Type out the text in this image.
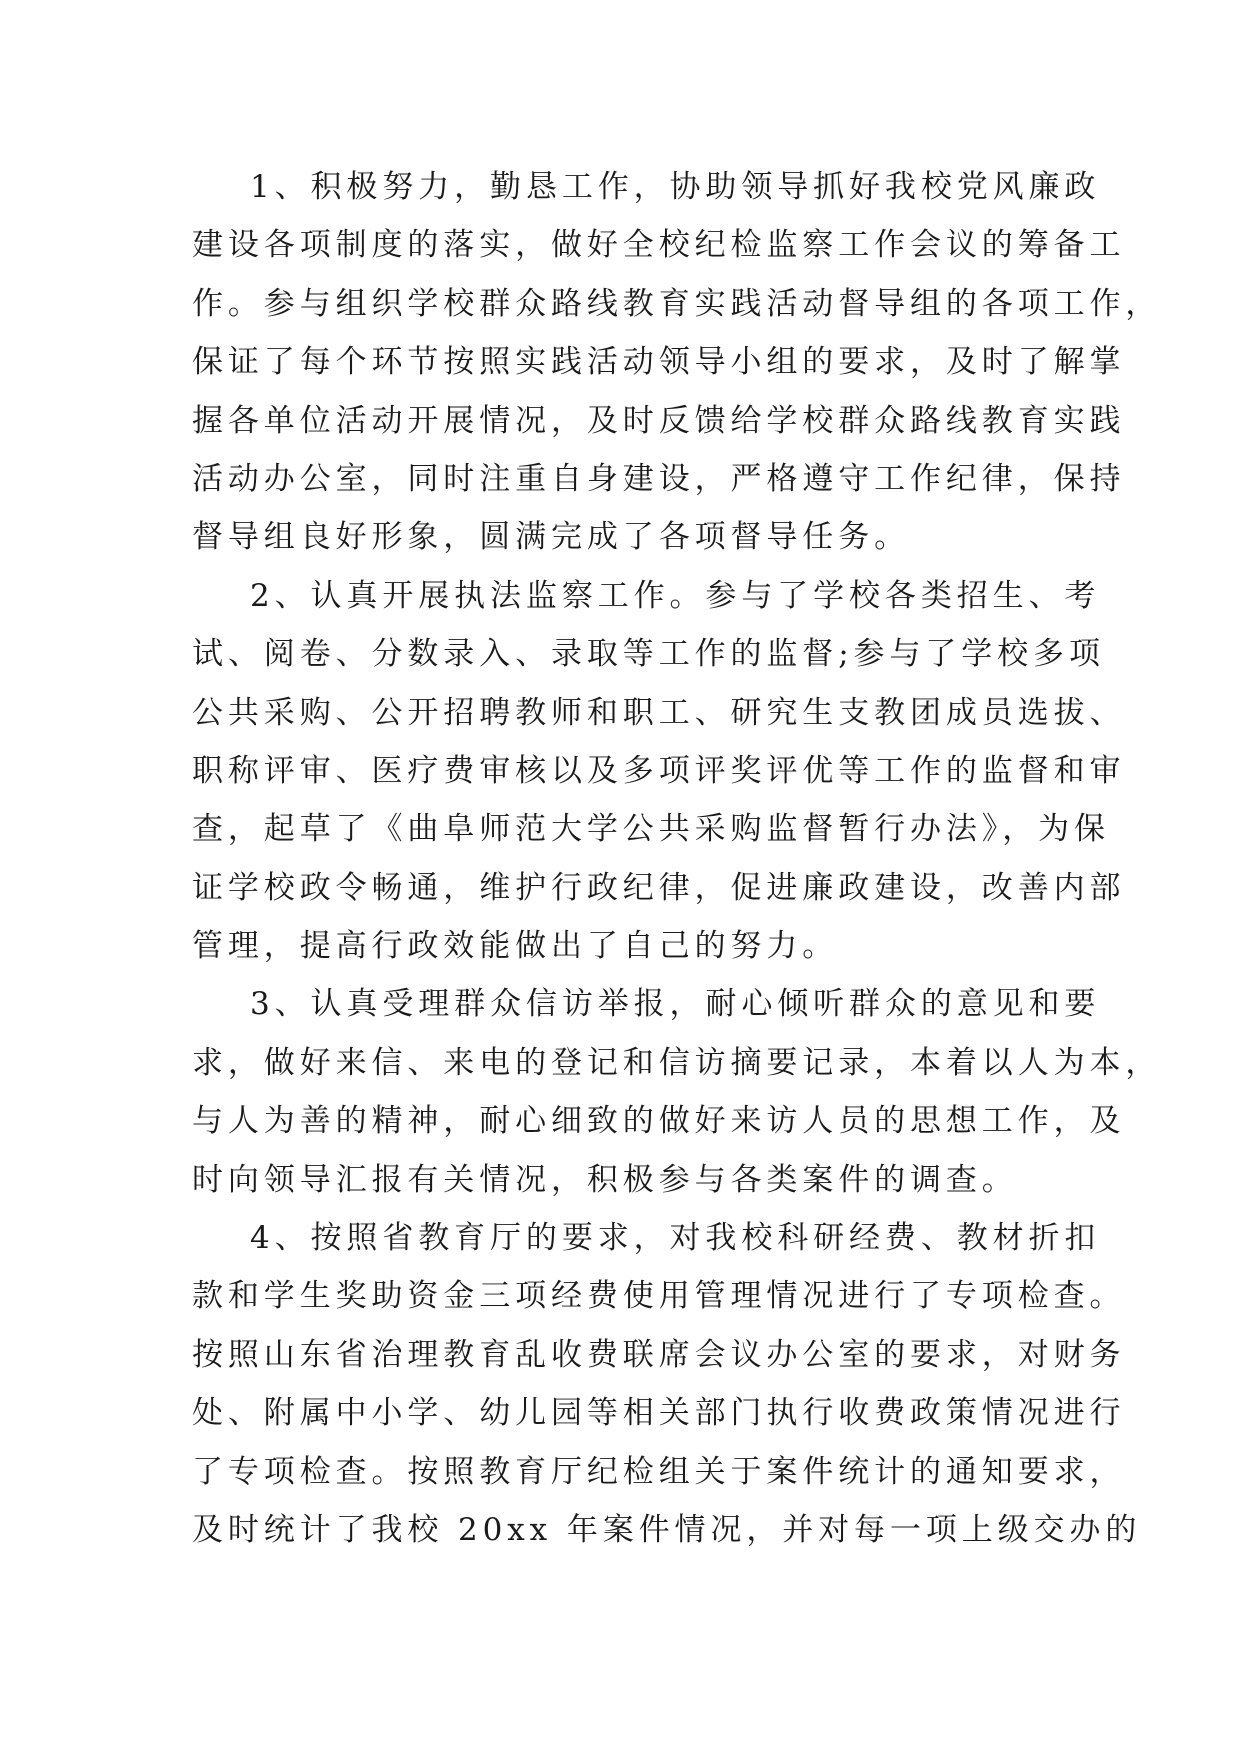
1、积极努力，勤恳工作，协助领导抓好我校党风廉政
建设各项制度的落实，做好全校纪检监察工作会议的筹备工
作。参与组织学校群众路线教育实践活动督导组的各项工作，
保证了每个环节按照实践活动领导小组的要求，及时了解掌
握各单位活动开展情况，及时反馈给学校群众路线教育实践
活动办公室，同时注重自身建设，严格遵守工作纪律，保持
督导组良好形象，圆满完成了各项督导任务。
2、认真开展执法监察工作。参与了学校各类招生、考
试、阅卷、分数录入、录取等工作的监督;参与了学校多项
公共采购、公开招聘教师和职工、研究生支教团成员选拔、
职称评审、医疗费审核以及多项评奖评优等工作的监督和审
查，起草了《曲阜师范大学公共采购监督暂行办法》，为保
证学校政令畅通，维护行政纪律，促进廉政建设，改善内部
管理，提高行政效能做出了自己的努力。
3、认真受理群众信访举报，耐心倾听群众的意见和要
求，做好来信、来电的登记和信访摘要记录，本着以人为本，
与人为善的精神，耐心细致的做好来访人员的思想工作，及
时向领导汇报有关情况，积极参与各类案件的调查。
4、按照省教育厅的要求，对我校科研经费、教材折扣
款和学生奖助资金三项经费使用管理情况进行了专项检查。
按照山东省治理教育乱收费联席会议办公室的要求，对财务
处、附属中小学、幼儿园等相关部门执行收费政策情况进行
了专项检查。按照教育厅纪检组关于案件统计的通知要求，
及时统计了我校 20xx 年案件情况，并对每一项上级交办的
